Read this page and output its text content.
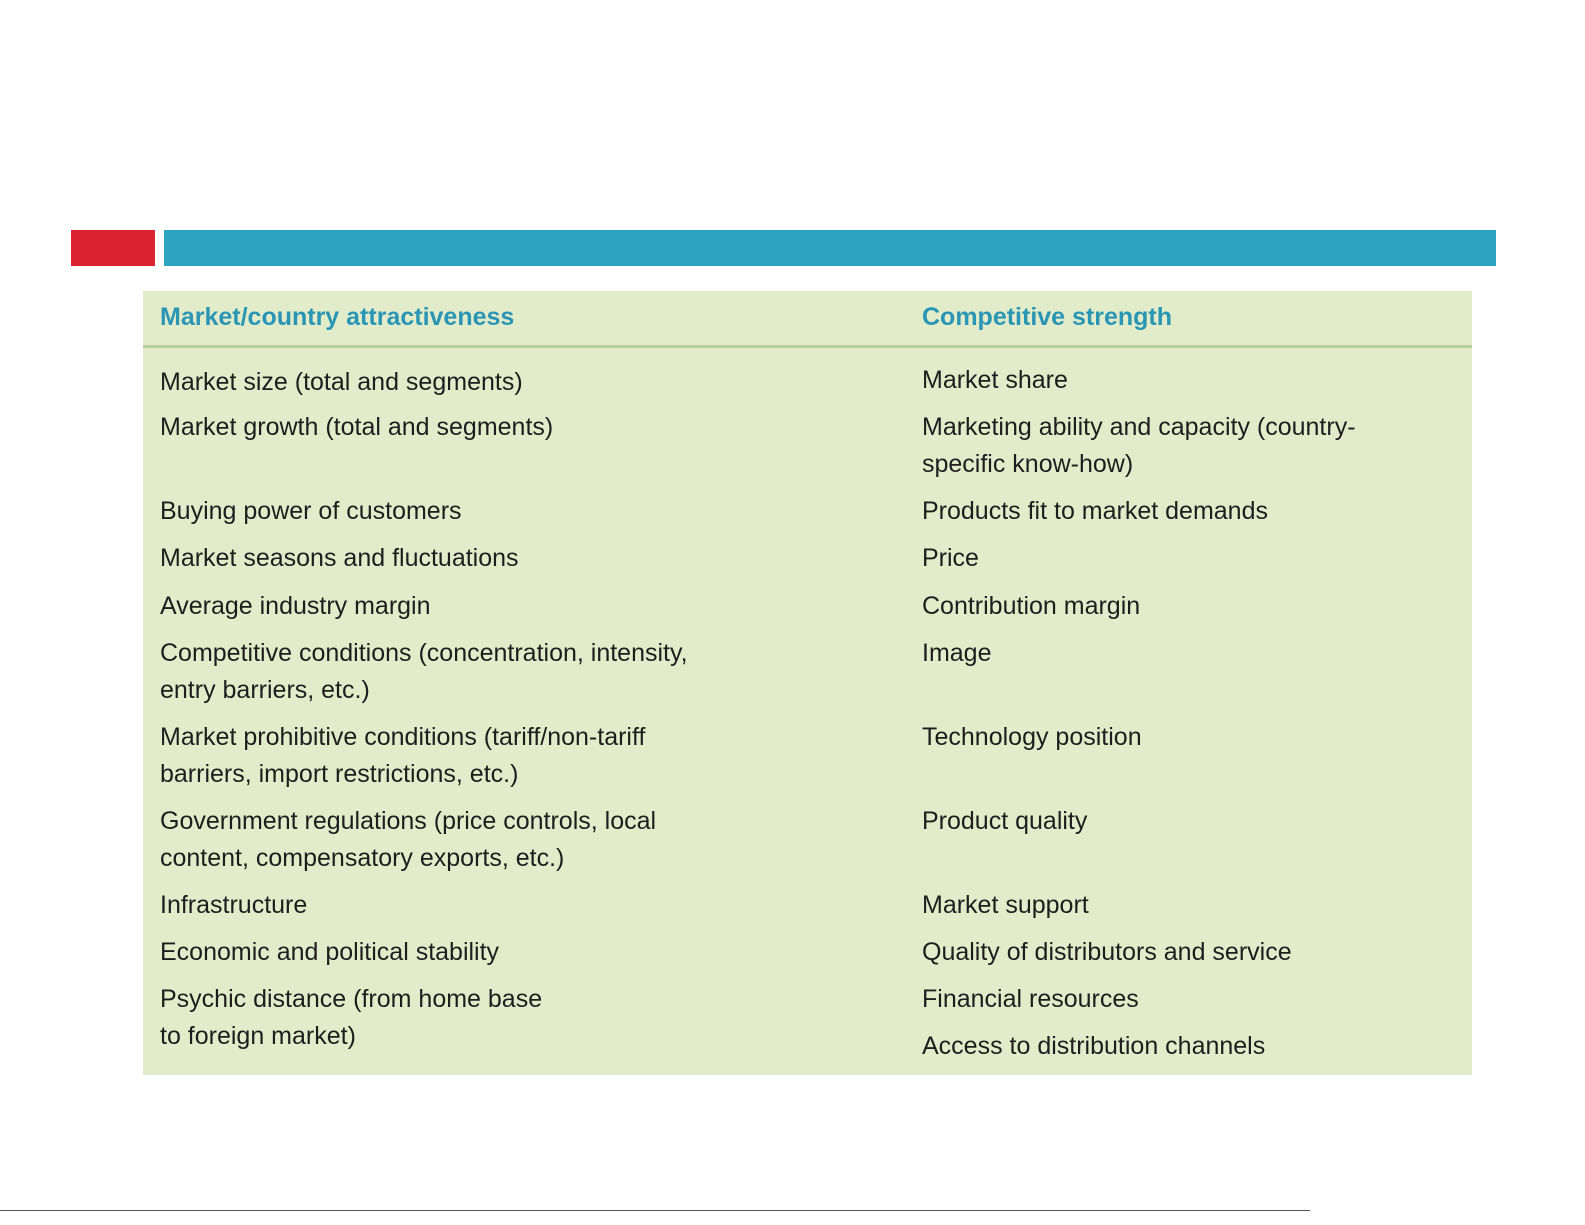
Market/country attractiveness	Competitive strength
Market size (total and segments)
Market growth (total and segments)
Buying power of customers
Market seasons and fluctuations
Average industry margin
Competitive conditions (concentration, intensity,
entry barriers, etc.)
Market prohibitive conditions (tariff/non-tariff
barriers, import restrictions, etc.)
Government regulations (price controls, local
content, compensatory exports, etc.)
Infrastructure
Economic and political stability
Psychic distance (from home base
to foreign market)
Market share
Marketing ability and capacity (country-
specific know-how)
Products fit to market demands
Price
Contribution margin
Image
Technology position
Product quality
Market support
Quality of distributors and service
Financial resources
Access to distribution channels
